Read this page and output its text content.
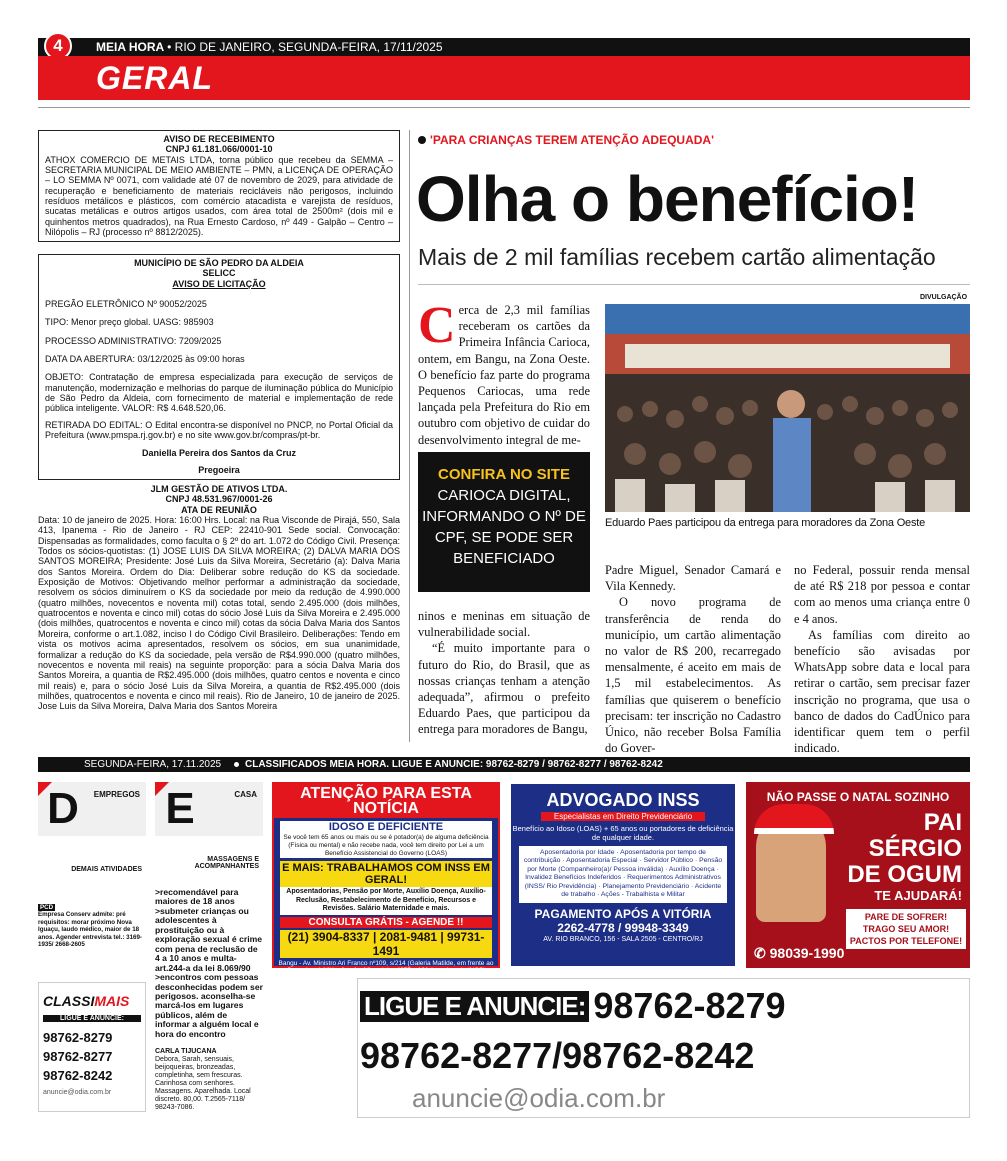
4	MEIA HORA • RIO DE JANEIRO, SEGUNDA-FEIRA, 17/11/2025
GERAL
AVISO DE RECEBIMENTO
CNPJ 61.181.066/0001-10
ATHOX COMERCIO DE METAIS LTDA, torna público que recebeu da SEMMA – SECRETARIA MUNICIPAL DE MEIO AMBIENTE – PMN, a LICENÇA DE OPERAÇÃO – LO SEMMA Nº 0071, com validade até 07 de novembro de 2029, para atividade de recuperação e beneficiamento de materiais recicláveis não perigosos, incluindo resíduos metálicos e plásticos, com comércio atacadista e varejista de resíduos, sucatas metálicas e outros artigos usados, com área total de 2500m² (dois mil e quinhentos metros quadrados), na Rua Ernesto Cardoso, nº 449 - Galpão – Centro – Nilópolis – RJ (processo nº 8812/2025).
MUNICÍPIO DE SÃO PEDRO DA ALDEIA
SELICC
AVISO DE LICITAÇÃO

PREGÃO ELETRÔNICO Nº 90052/2025

TIPO: Menor preço global. UASG: 985903

PROCESSO ADMINISTRATIVO: 7209/2025

DATA DA ABERTURA: 03/12/2025 às 09:00 horas

OBJETO: Contratação de empresa especializada para execução de serviços de manutenção, modernização e melhorias do parque de iluminação pública do Município de São Pedro da Aldeia, com fornecimento de material e implementação de rede pública inteligente. VALOR: R$ 4.648.520,06.

RETIRADA DO EDITAL: O Edital encontra-se disponível no PNCP, no Portal Oficial da Prefeitura (www.pmspa.rj.gov.br) e no site www.gov.br/compras/pt-br.

Daniella Pereira dos Santos da Cruz
Pregoeira
JLM GESTÃO DE ATIVOS LTDA.
CNPJ 48.531.967/0001-26
ATA DE REUNIÃO
Data: 10 de janeiro de 2025. Hora: 16:00 Hrs. Local: na Rua Visconde de Pirajá, 550, Sala 413, Ipanema - Rio de Janeiro - RJ CEP: 22410-901 Sede social. Convocação: Dispensadas as formalidades, como faculta o § 2º do art. 1.072 do Código Civil. Presença: Todos os sócios-quotistas: (1) JOSE LUIS DA SILVA MOREIRA; (2) DALVA MARIA DOS SANTOS MOREIRA; Presidente: José Luis da Silva Moreira, Secretário (a): Dalva Maria dos Santos Moreira. Ordem do Dia: Deliberar sobre redução do KS da sociedade. Exposição de Motivos: Objetivando melhor performar a administração da sociedade, resolvem os sócios diminuírem o KS da sociedade por meio da redução de 4.990.000 (quatro milhões, novecentos e noventa mil) cotas total, sendo 2.495.000 (dois milhões, quatrocentos e noventa e cinco mil) cotas do sócio José Luis da Silva Moreira e 2.495.000 (dois milhões, quatrocentos e noventa e cinco mil) cotas da sócia Dalva Maria dos Santos Moreira, conforme o art.1.082, inciso I do Código Civil Brasileiro. Deliberações: Tendo em vista os motivos acima apresentados, resolvem os sócios, em sua unanimidade, formalizar a redução do KS da sociedade, pela versão de R$4.990.000 (quatro milhões, novecentos e noventa mil reais) na seguinte proporção: para a sócia Dalva Maria dos Santos Moreira, a quantia de R$2.495.000 (dois milhões, quatro centos e noventa e cinco mil reais) e, para o sócio José Luis da Silva Moreira, a quantia de R$2.495.000 (dois milhões, quatrocentos e noventa e cinco mil reais). Rio de Janeiro, 10 de janeiro de 2025. Jose Luis da Silva Moreira, Dalva Maria dos Santos Moreira
'PARA CRIANÇAS TEREM ATENÇÃO ADEQUADA'
Olha o benefício!
Mais de 2 mil famílias recebem cartão alimentação
Cerca de 2,3 mil famílias receberam os cartões da Primeira Infância Carioca, ontem, em Bangu, na Zona Oeste. O benefício faz parte do programa Pequenos Cariocas, uma rede lançada pela Prefeitura do Rio em outubro com objetivo de cuidar do desenvolvimento integral de me-
CONFIRA NO SITE
CARIOCA DIGITAL, INFORMANDO O Nº DE CPF, SE PODE SER BENEFICIADO

ninos e meninas em situação de vulnerabilidade social.

“É muito importante para o futuro do Rio, do Brasil, que as nossas crianças tenham a atenção adequada”, afirmou o prefeito Eduardo Paes, que participou da entrega para moradores de Bangu,

DIVULGAÇÃO
Eduardo Paes participou da entrega para moradores da Zona Oeste

Padre Miguel, Senador Camará e Vila Kennedy.

O novo programa de transferência de renda do município, um cartão alimentação no valor de R$ 200, recarregado mensalmente, é aceito em mais de 1,5 mil estabelecimentos. As famílias que quiserem o benefício precisam: ter inscrição no Cadastro Único, não receber Bolsa Família do Gover-

no Federal, possuir renda mensal de até R$ 218 por pessoa e contar com ao menos uma criança entre 0 e 4 anos.

As famílias com direito ao benefício são avisadas por WhatsApp sobre data e local para retirar o cartão, sem precisar fazer inscrição no programa, que usa o banco de dados do CadÚnico para identificar quem tem o perfil indicado.

SEGUNDA-FEIRA, 17.11.2025	CLASSIFICADOS MEIA HORA. LIGUE E ANUNCIE: 98762-8279 / 98762-8277 / 98762-8242
D	EMPREGOS
DEMAIS ATIVIDADES
E	CASA
MASSAGENS E ACOMPANHANTES
PCD
Empresa Conserv admite: pré requisitos: morar próximo Nova Iguaçu, laudo médico, maior de 18 anos. Agender entrevista tel.: 3169-1935/ 2668-2605
>recomendável para maiores de 18 anos >submeter crianças ou adolescentes à prostituição ou à exploração sexual é crime com pena de reclusão de 4 a 10 anos e multa-art.244-a da lei 8.069/90 >encontros com pessoas desconhecidas podem ser perigosos. aconselha-se marcá-los em lugares públicos, além de informar a alguém local e hora do encontro
CARLA TIJUCANA
Debora, Sarah, sensuais, beijoqueiras, bronzeadas, completinha, sem frescuras. Carinhosa com senhores. Massagens. Aparelhada. Local discreto. 80,00. T.2565-7118/ 98243-7086.
CLASSIMAIS
LIGUE E ANUNCIE:
98762-8279
98762-8277
98762-8242
anuncie@odia.com.br
ATENÇÃO PARA ESTA NOTÍCIA
IDOSO E DEFICIENTE
Se você tem 65 anos ou mais ou se é potador(a) de alguma deficiência (Física ou mental) e não recebe nada, você tem direito por Lei a um Benefício Assistencial do Governo (LOAS)
E MAIS: TRABALHAMOS COM INSS EM GERAL!
Aposentadorias, Pensão por Morte, Auxílio Doença, Auxílio-Reclusão, Restabelecimento de Benefício, Recursos e Revisões. Salário Maternidade e mais.
CONSULTA GRÁTIS - AGENDE !!
(21) 3904-8337 | 2081-9481 | 99731-1491
Bangu - Av. Ministro Ari Franco nº109, s/214 (Galeria Matilde, em frente ao Guanabara) Nilópolis - Av. Mirandela nº355 s.101 (em cima do INSS)
ADVOGADO INSS
Especialistas em Direito Previdenciário
Benefício ao Idoso (LOAS) + 65 anos ou portadores de deficiência de qualquer idade.
Aposentadoria por Idade · Aposentadoria por tempo de contribuição · Aposentadoria Especial · Servidor Público · Pensão por Morte (Companheiro(a)/ Pessoa inválida) · Auxílio Doença · Invalidez Benefícios Indeferidos · Requerimentos Administrativos (INSS/ Rio Previdência) · Planejamento Previdenciário · Acidente de trabalho · Ações - Trabalhista e Militar
PAGAMENTO APÓS A VITÓRIA
2262-4778 / 99948-3349
AV. RIO BRANCO, 156 - SALA 2505 - CENTRO/RJ
NÃO PASSE O NATAL SOZINHO
PAI SÉRGIO DE OGUM
TE AJUDARÁ!
PARE DE SOFRER! TRAGO SEU AMOR! PACTOS POR TELEFONE!
✆ 98039-1990
LIGUE E ANUNCIE: 98762-8279
98762-8277/98762-8242
anuncie@odia.com.br
